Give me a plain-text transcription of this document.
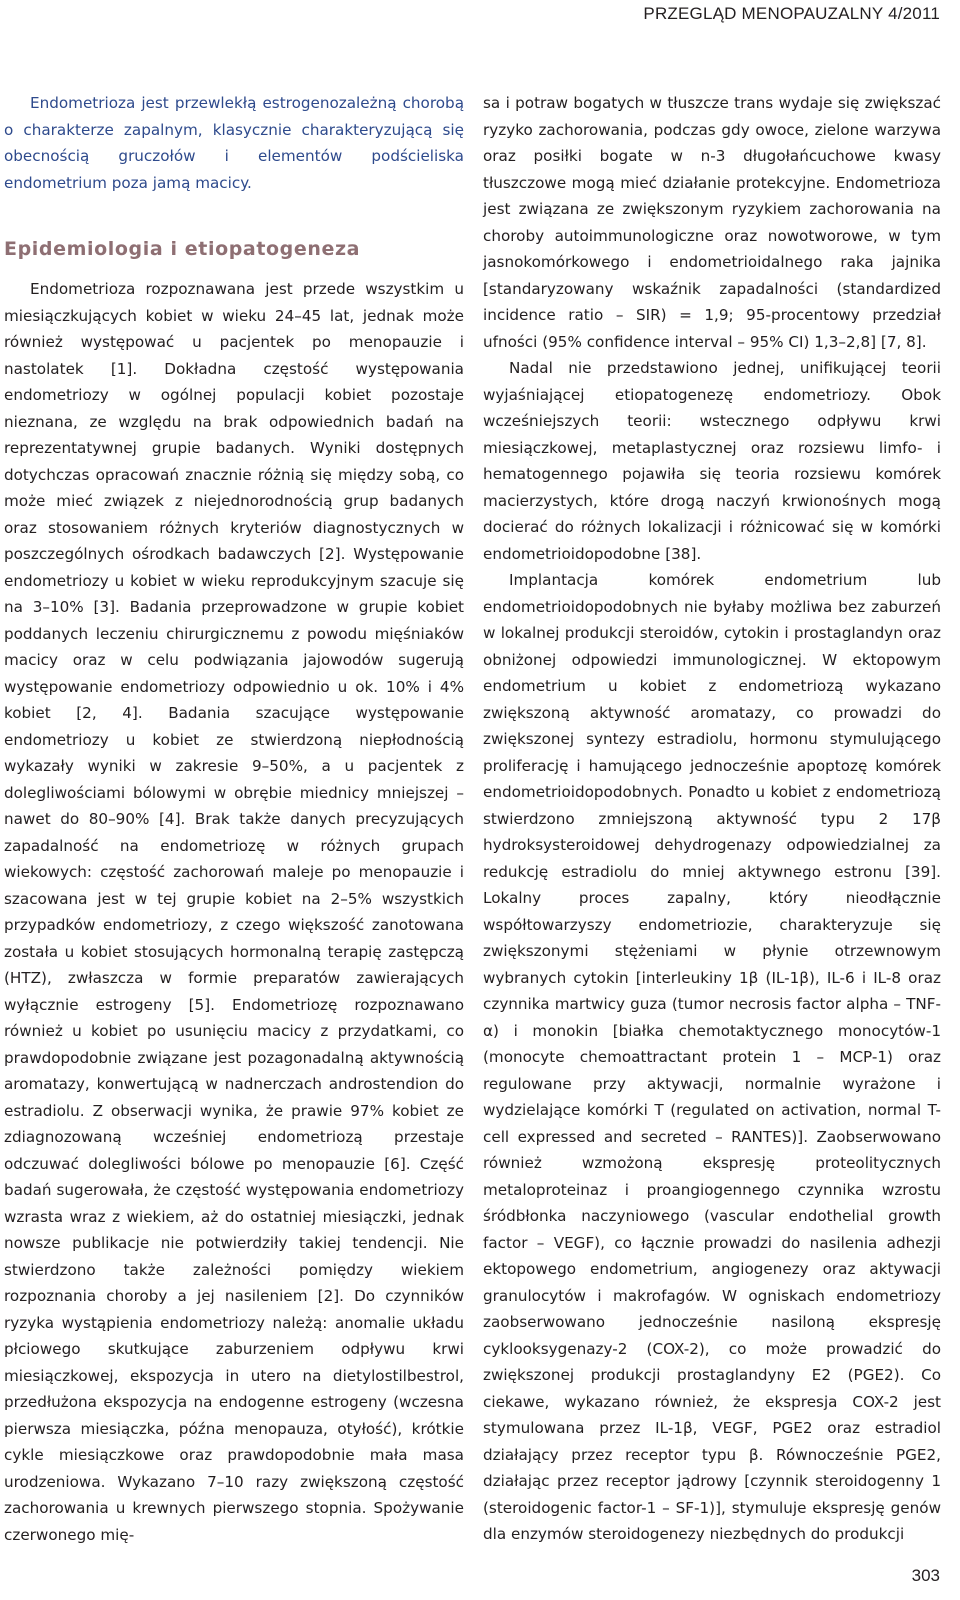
PRZEGLĄD MENOPAUZALNY 4/2011

Endometrioza jest przewlekłą estrogenozależną chorobą o charakterze zapalnym, klasycznie charakteryzującą się obecnością gruczołów i elementów podścieliska endometrium poza jamą macicy.

Epidemiologia i etiopatogeneza

Endometrioza rozpoznawana jest przede wszystkim u miesiączkujących kobiet w wieku 24–45 lat, jednak może również występować u pacjentek po menopauzie i nastolatek [1]. Dokładna częstość występowania endometriozy w ogólnej populacji kobiet pozostaje nieznana, ze względu na brak odpowiednich badań na reprezentatywnej grupie badanych. Wyniki dostępnych dotychczas opracowań znacznie różnią się między sobą, co może mieć związek z niejednorodnością grup badanych oraz stosowaniem różnych kryteriów diagnostycznych w poszczególnych ośrodkach badawczych [2]. Występowanie endometriozy u kobiet w wieku reprodukcyjnym szacuje się na 3–10% [3]. Badania przeprowadzone w grupie kobiet poddanych leczeniu chirurgicznemu z powodu mięśniaków macicy oraz w celu podwiązania jajowodów sugerują występowanie endometriozy odpowiednio u ok. 10% i 4% kobiet [2, 4]. Badania szacujące występowanie endometriozy u kobiet ze stwierdzoną niepłodnością wykazały wyniki w zakresie 9–50%, a u pacjentek z dolegliwościami bólowymi w obrębie miednicy mniejszej – nawet do 80–90% [4]. Brak także danych precyzujących zapadalność na endometriozę w różnych grupach wiekowych: częstość zachorowań maleje po menopauzie i szacowana jest w tej grupie kobiet na 2–5% wszystkich przypadków endometriozy, z czego większość zanotowana została u kobiet stosujących hormonalną terapię zastępczą (HTZ), zwłaszcza w formie preparatów zawierających wyłącznie estrogeny [5]. Endometriozę rozpoznawano również u kobiet po usunięciu macicy z przydatkami, co prawdopodobnie związane jest pozagonadalną aktywnością aromatazy, konwertującą w nadnerczach androstendion do estradiolu. Z obserwacji wynika, że prawie 97% kobiet ze zdiagnozowaną wcześniej endometriozą przestaje odczuwać dolegliwości bólowe po menopauzie [6]. Część badań sugerowała, że częstość występowania endometriozy wzrasta wraz z wiekiem, aż do ostatniej miesiączki, jednak nowsze publikacje nie potwierdziły takiej tendencji. Nie stwierdzono także zależności pomiędzy wiekiem rozpoznania choroby a jej nasileniem [2]. Do czynników ryzyka wystąpienia endometriozy należą: anomalie układu płciowego skutkujące zaburzeniem odpływu krwi miesiączkowej, ekspozycja in utero na dietylostilbestrol, przedłużona ekspozycja na endogenne estrogeny (wczesna pierwsza miesiączka, późna menopauza, otyłość), krótkie cykle miesiączkowe oraz prawdopodobnie mała masa urodzeniowa. Wykazano 7–10 razy zwiększoną częstość zachorowania u krewnych pierwszego stopnia. Spożywanie czerwonego mię-

sa i potraw bogatych w tłuszcze trans wydaje się zwiększać ryzyko zachorowania, podczas gdy owoce, zielone warzywa oraz posiłki bogate w n-3 długołańcuchowe kwasy tłuszczowe mogą mieć działanie protekcyjne. Endometrioza jest związana ze zwiększonym ryzykiem zachorowania na choroby autoimmunologiczne oraz nowotworowe, w tym jasnokomórkowego i endometrioidalnego raka jajnika [standaryzowany wskaźnik zapadalności (standardized incidence ratio – SIR) = 1,9; 95-procentowy przedział ufności (95% confidence interval – 95% CI) 1,3–2,8] [7, 8].

Nadal nie przedstawiono jednej, unifikującej teorii wyjaśniającej etiopatogenezę endometriozy. Obok wcześniejszych teorii: wstecznego odpływu krwi miesiączkowej, metaplastycznej oraz rozsiewu limfo- i hematogennego pojawiła się teoria rozsiewu komórek macierzystych, które drogą naczyń krwionośnych mogą docierać do różnych lokalizacji i różnicować się w komórki endometrioidopodobne [38].

Implantacja komórek endometrium lub endometrioidopodobnych nie byłaby możliwa bez zaburzeń w lokalnej produkcji steroidów, cytokin i prostaglandyn oraz obniżonej odpowiedzi immunologicznej. W ektopowym endometrium u kobiet z endometriozą wykazano zwiększoną aktywność aromatazy, co prowadzi do zwiększonej syntezy estradiolu, hormonu stymulującego proliferację i hamującego jednocześnie apoptozę komórek endometrioidopodobnych. Ponadto u kobiet z endometriozą stwierdzono zmniejszoną aktywność typu 2 17β hydroksysteroidowej dehydrogenazy odpowiedzialnej za redukcję estradiolu do mniej aktywnego estronu [39]. Lokalny proces zapalny, który nieodłącznie współtowarzyszy endometriozie, charakteryzuje się zwiększonymi stężeniami w płynie otrzewnowym wybranych cytokin [interleukiny 1β (IL-1β), IL-6 i IL-8 oraz czynnika martwicy guza (tumor necrosis factor alpha – TNF-α) i monokin [białka chemotaktycznego monocytów-1 (monocyte chemoattractant protein 1 – MCP-1) oraz regulowane przy aktywacji, normalnie wyrażone i wydzielające komórki T (regulated on activation, normal T-cell expressed and secreted – RANTES)]. Zaobserwowano również wzmożoną ekspresję proteolitycznych metaloproteinaz i proangiogennego czynnika wzrostu śródbłonka naczyniowego (vascular endothelial growth factor – VEGF), co łącznie prowadzi do nasilenia adhezji ektopowego endometrium, angiogenezy oraz aktywacji granulocytów i makrofagów. W ogniskach endometriozy zaobserwowano jednocześnie nasiloną ekspresję cyklooksygenazy-2 (COX-2), co może prowadzić do zwiększonej produkcji prostaglandyny E2 (PGE2). Co ciekawe, wykazano również, że ekspresja COX-2 jest stymulowana przez IL-1β, VEGF, PGE2 oraz estradiol działający przez receptor typu β. Równocześnie PGE2, działając przez receptor jądrowy [czynnik steroidogenny 1 (steroidogenic factor-1 – SF-1)], stymuluje ekspresję genów dla enzymów steroidogenezy niezbędnych do produkcji

303
